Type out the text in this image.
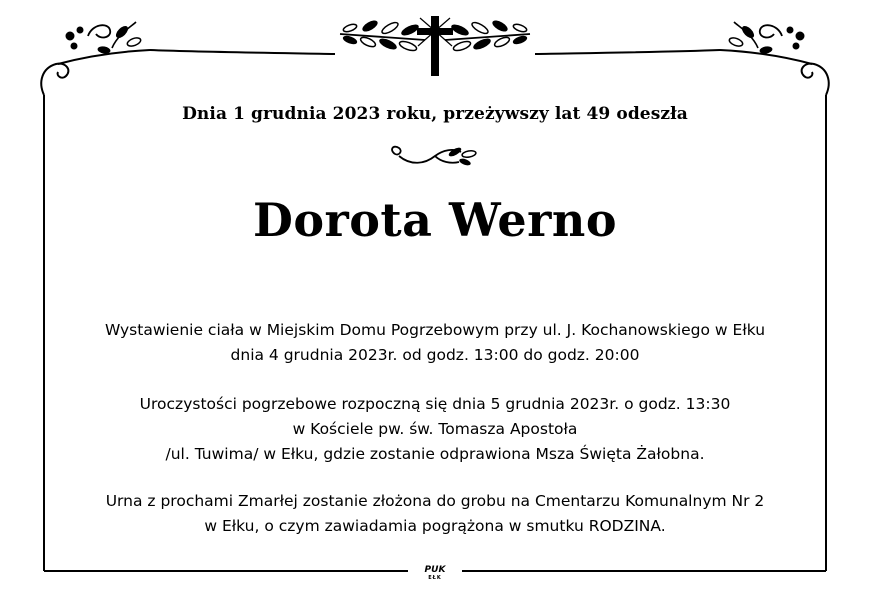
Dnia 1 grudnia 2023 roku, przeżywszy lat 49 odeszła
Dorota Werno
Wystawienie ciała w Miejskim Domu Pogrzebowym przy ul. J. Kochanowskiego w Ełku
dnia 4 grudnia 2023r. od godz. 13:00 do godz. 20:00
Uroczystości pogrzebowe rozpoczną się dnia 5 grudnia 2023r. o godz. 13:30
w Kościele pw. św. Tomasza Apostoła
/ul. Tuwima/ w Ełku, gdzie zostanie odprawiona Msza Święta Żałobna.
Urna z prochami Zmarłej zostanie złożona do grobu na Cmentarzu Komunalnym Nr 2
w Ełku, o czym zawiadamia pogrążona w smutku RODZINA.
PUK
EŁK
